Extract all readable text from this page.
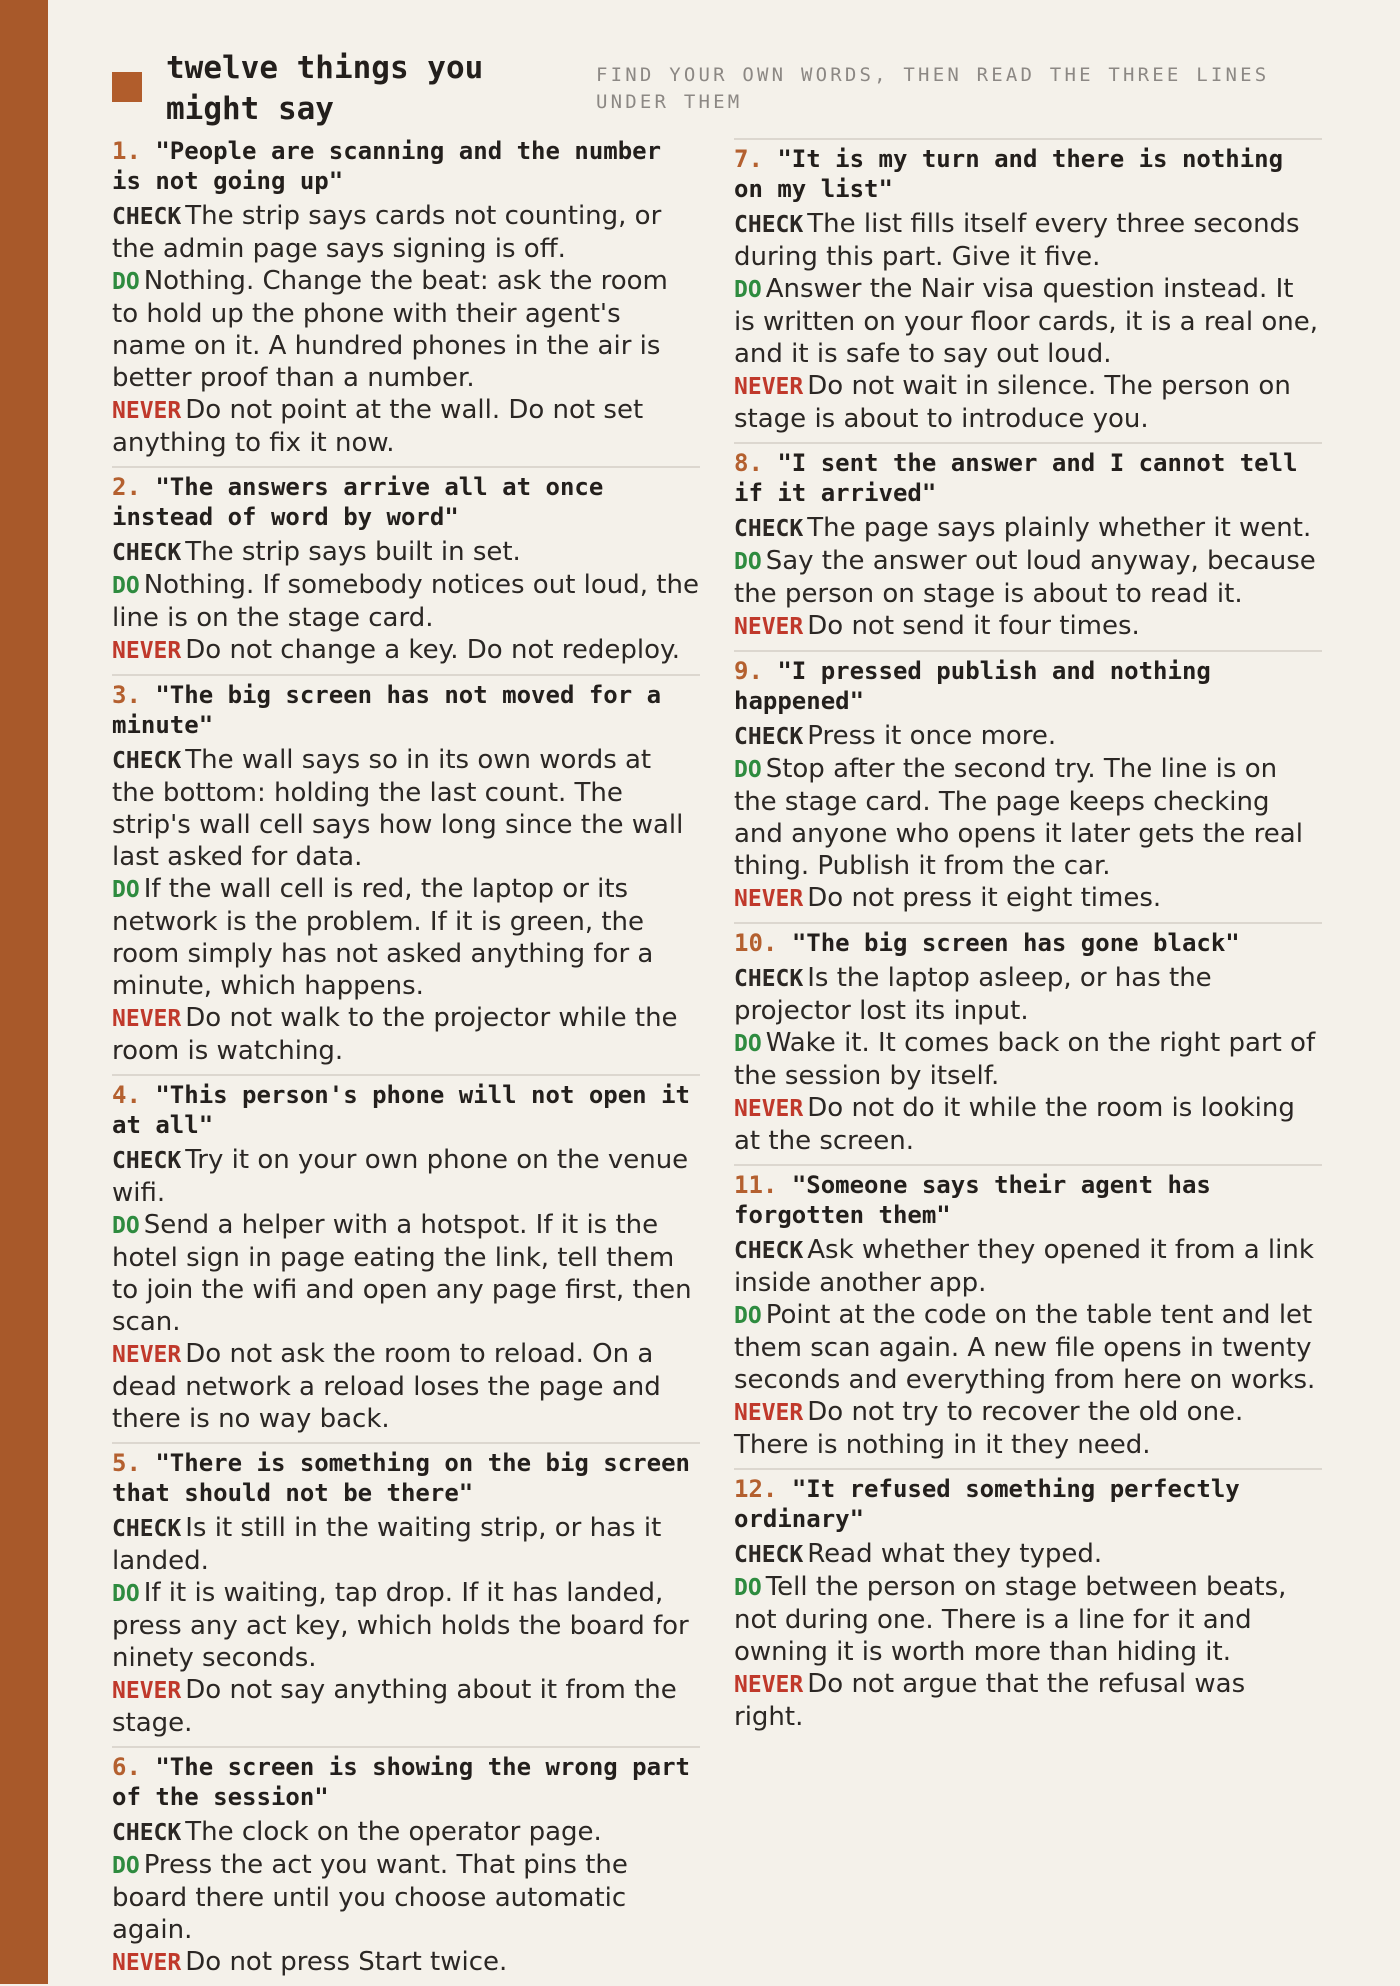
twelve things you might say
FIND YOUR OWN WORDS, THEN READ THE THREE LINES UNDER THEM
1. "People are scanning and the number is not going up"

CHECK The strip says cards not counting, or the admin page says signing is off.

DO Nothing. Change the beat: ask the room to hold up the phone with their agent's name on it. A hundred phones in the air is better proof than a number.

NEVER Do not point at the wall. Do not set anything to fix it now.

2. "The answers arrive all at once instead of word by word"

CHECK The strip says built in set.

DO Nothing. If somebody notices out loud, the line is on the stage card.

NEVER Do not change a key. Do not redeploy.

3. "The big screen has not moved for a minute"

CHECK The wall says so in its own words at the bottom: holding the last count. The strip's wall cell says how long since the wall last asked for data.

DO If the wall cell is red, the laptop or its network is the problem. If it is green, the room simply has not asked anything for a minute, which happens.

NEVER Do not walk to the projector while the room is watching.

4. "This person's phone will not open it at all"

CHECK Try it on your own phone on the venue wifi.

DO Send a helper with a hotspot. If it is the hotel sign in page eating the link, tell them to join the wifi and open any page first, then scan.

NEVER Do not ask the room to reload. On a dead network a reload loses the page and there is no way back.

5. "There is something on the big screen that should not be there"

CHECK Is it still in the waiting strip, or has it landed.

DO If it is waiting, tap drop. If it has landed, press any act key, which holds the board for ninety seconds.

NEVER Do not say anything about it from the stage.

6. "The screen is showing the wrong part of the session"

CHECK The clock on the operator page.

DO Press the act you want. That pins the board there until you choose automatic again.

NEVER Do not press Start twice.

7. "It is my turn and there is nothing on my list"

CHECK The list fills itself every three seconds during this part. Give it five.

DO Answer the Nair visa question instead. It is written on your floor cards, it is a real one, and it is safe to say out loud.

NEVER Do not wait in silence. The person on stage is about to introduce you.

8. "I sent the answer and I cannot tell if it arrived"

CHECK The page says plainly whether it went.

DO Say the answer out loud anyway, because the person on stage is about to read it.

NEVER Do not send it four times.

9. "I pressed publish and nothing happened"

CHECK Press it once more.

DO Stop after the second try. The line is on the stage card. The page keeps checking and anyone who opens it later gets the real thing. Publish it from the car.

NEVER Do not press it eight times.

10. "The big screen has gone black"

CHECK Is the laptop asleep, or has the projector lost its input.

DO Wake it. It comes back on the right part of the session by itself.

NEVER Do not do it while the room is looking at the screen.

11. "Someone says their agent has forgotten them"

CHECK Ask whether they opened it from a link inside another app.

DO Point at the code on the table tent and let them scan again. A new file opens in twenty seconds and everything from here on works.

NEVER Do not try to recover the old one. There is nothing in it they need.

12. "It refused something perfectly ordinary"

CHECK Read what they typed.

DO Tell the person on stage between beats, not during one. There is a line for it and owning it is worth more than hiding it.

NEVER Do not argue that the refusal was right.
